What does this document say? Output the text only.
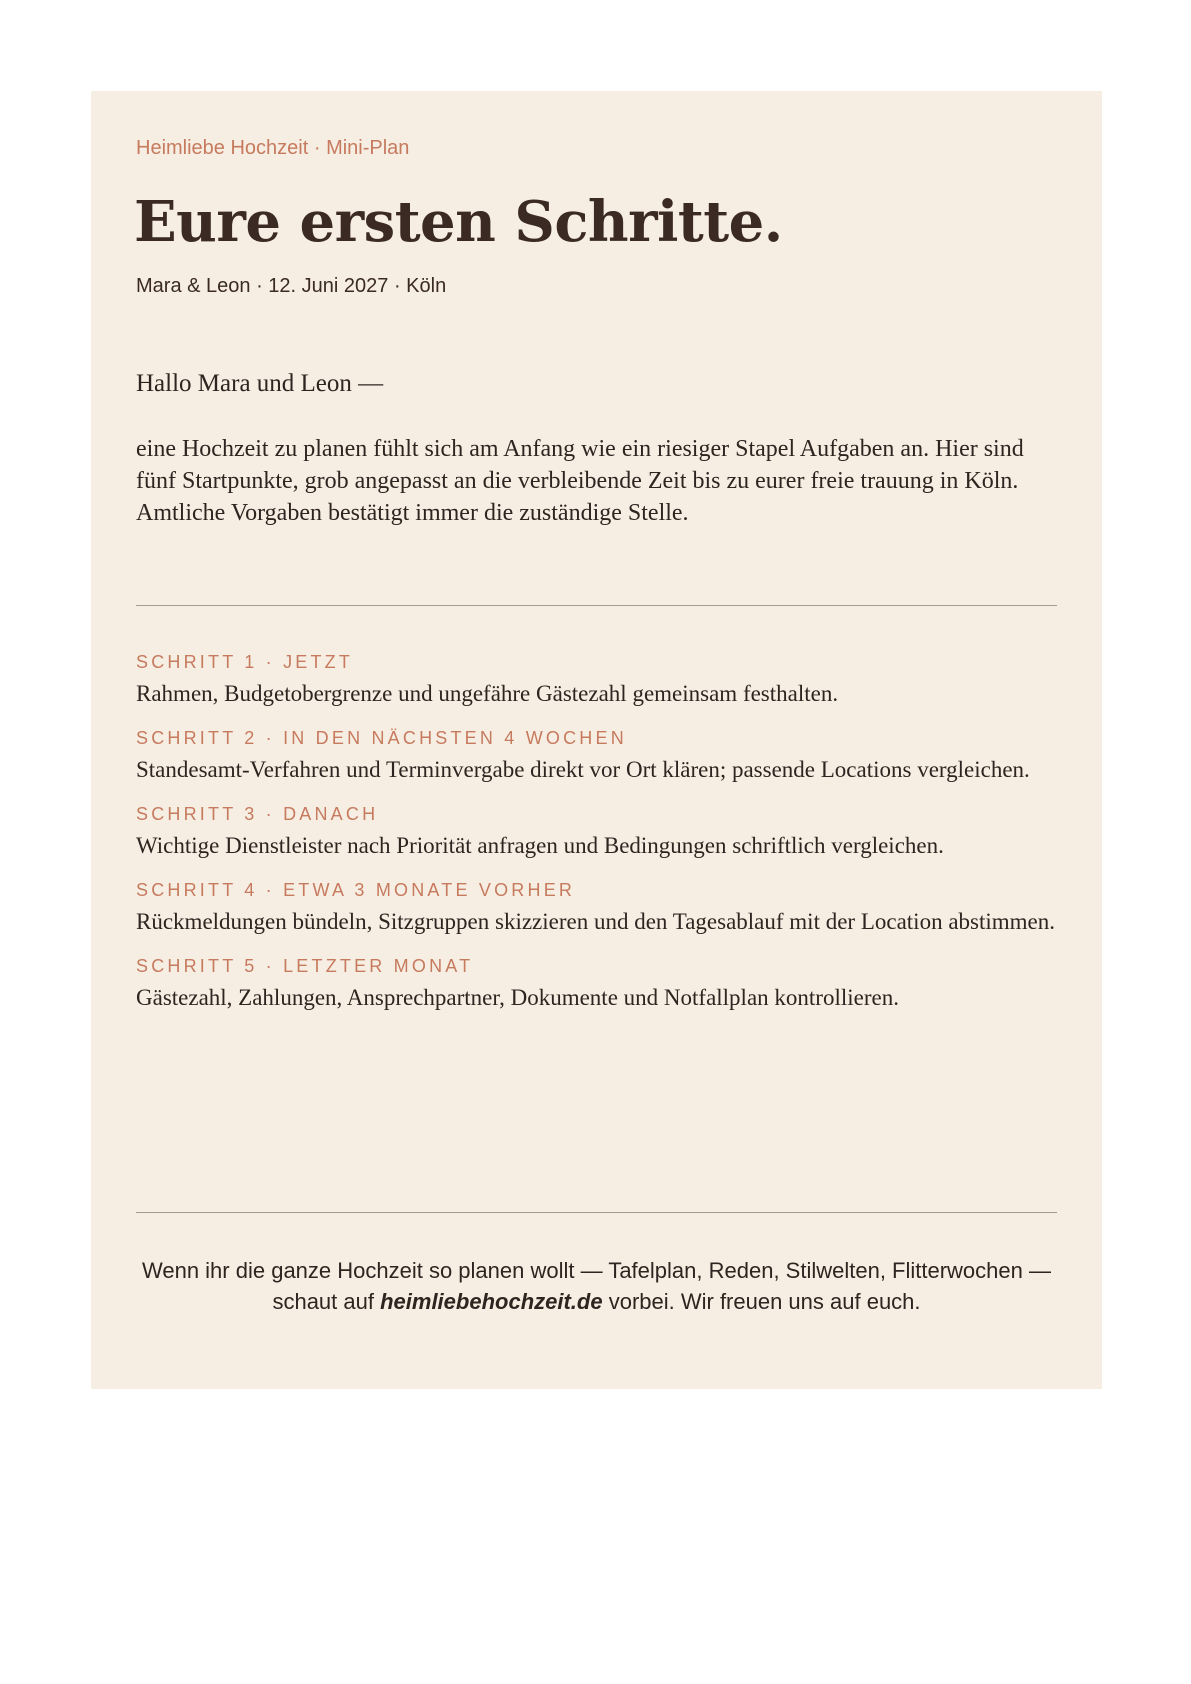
Heimliebe Hochzeit · Mini-Plan

Eure ersten Schritte.

Mara & Leon · 12. Juni 2027 · Köln

Hallo Mara und Leon —

eine Hochzeit zu planen fühlt sich am Anfang wie ein riesiger Stapel Aufgaben an. Hier sind fünf Startpunkte, grob angepasst an die verbleibende Zeit bis zu eurer freie trauung in Köln. Amtliche Vorgaben bestätigt immer die zuständige Stelle.

SCHRITT 1 · JETZT

Rahmen, Budgetobergrenze und ungefähre Gästezahl gemeinsam festhalten.

SCHRITT 2 · IN DEN NÄCHSTEN 4 WOCHEN

Standesamt-Verfahren und Terminvergabe direkt vor Ort klären; passende Locations vergleichen.

SCHRITT 3 · DANACH

Wichtige Dienstleister nach Priorität anfragen und Bedingungen schriftlich vergleichen.

SCHRITT 4 · ETWA 3 MONATE VORHER

Rückmeldungen bündeln, Sitzgruppen skizzieren und den Tagesablauf mit der Location abstimmen.

SCHRITT 5 · LETZTER MONAT

Gästezahl, Zahlungen, Ansprechpartner, Dokumente und Notfallplan kontrollieren.

Wenn ihr die ganze Hochzeit so planen wollt — Tafelplan, Reden, Stilwelten, Flitterwochen — schaut auf heimliebehochzeit.de vorbei. Wir freuen uns auf euch.
